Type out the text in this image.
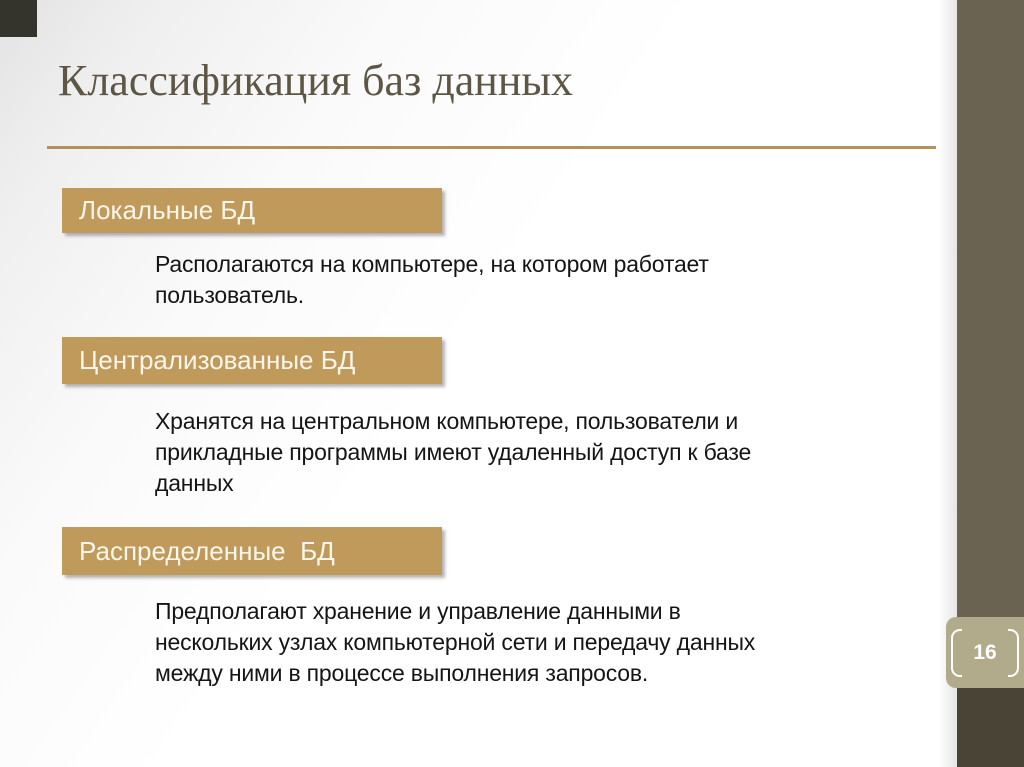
Классификация баз данных
Локальные БД
Располагаются на компьютере, на котором работает
пользователь.
Централизованные БД
Хранятся на центральном компьютере, пользователи и
прикладные программы имеют удаленный доступ к базе
данных
Распределенные  БД
Предполагают хранение и управление данными в
нескольких узлах компьютерной сети и передачу данных
между ними в процессе выполнения запросов.
16
